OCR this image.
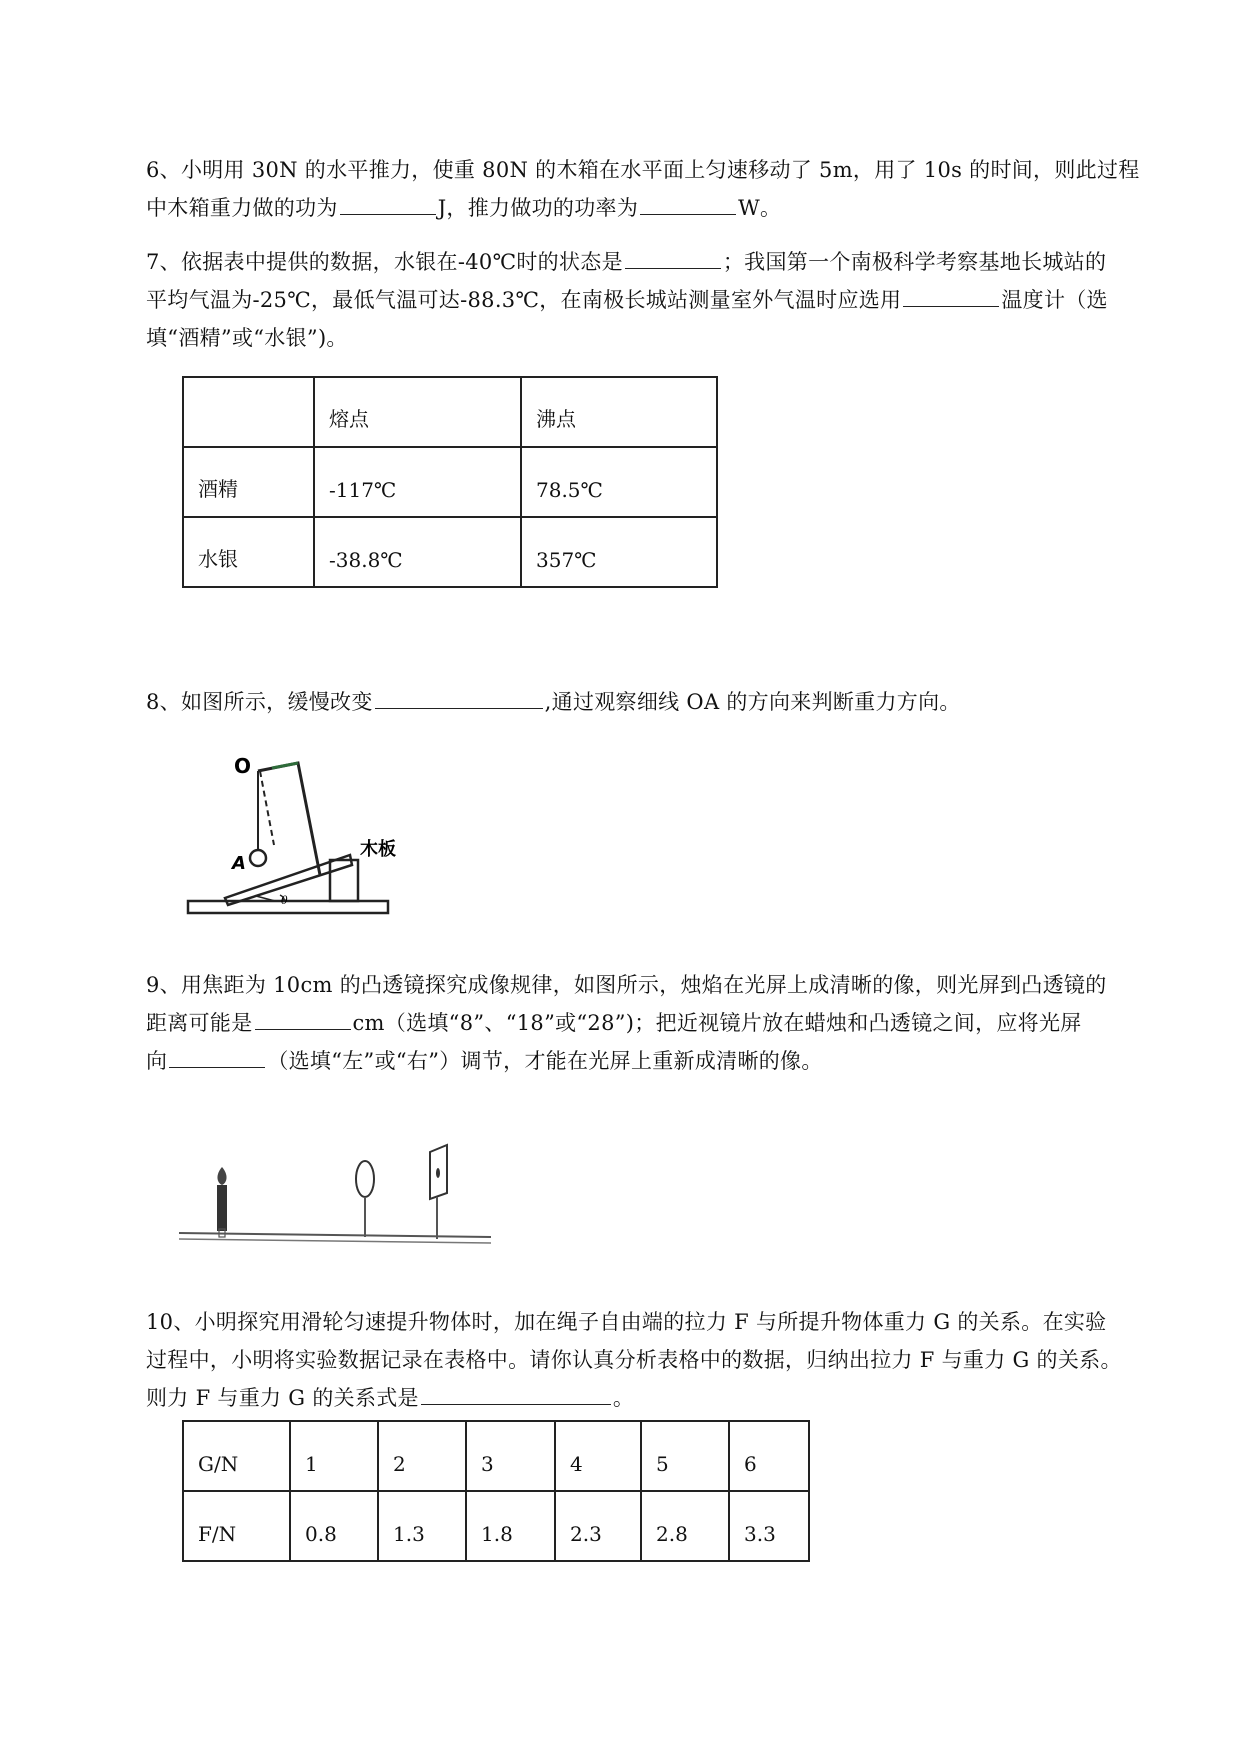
6、小明用 30N 的水平推力，使重 80N 的木箱在水平面上匀速移动了 5m，用了 10s 的时间，则此过程
中木箱重力做的功为	J，推力做功的功率为	W。
7、依据表中提供的数据，水银在-40℃时的状态是	；我国第一个南极科学考察基地长城站的
平均气温为-25℃，最低气温可达-88.3℃，在南极长城站测量室外气温时应选用	温度计（选
填“酒精”或“水银”)。
	熔点	沸点
酒精	-117℃	78.5℃
水银	-38.8℃	357℃
8、如图所示，缓慢改变	,通过观察细线 OA 的方向来判断重力方向。
O
A
θ
木板
9、用焦距为 10cm 的凸透镜探究成像规律，如图所示，烛焰在光屏上成清晰的像，则光屏到凸透镜的
距离可能是	cm（选填“8”、“18”或“28”)；把近视镜片放在蜡烛和凸透镜之间，应将光屏
向	（选填“左”或“右”）调节，才能在光屏上重新成清晰的像。
10、小明探究用滑轮匀速提升物体时，加在绳子自由端的拉力 F 与所提升物体重力 G 的关系。在实验
过程中，小明将实验数据记录在表格中。请你认真分析表格中的数据，归纳出拉力 F 与重力 G 的关系。
则力 F 与重力 G 的关系式是	。
G/N	1	2	3	4	5	6
F/N	0.8	1.3	1.8	2.3	2.8	3.3
